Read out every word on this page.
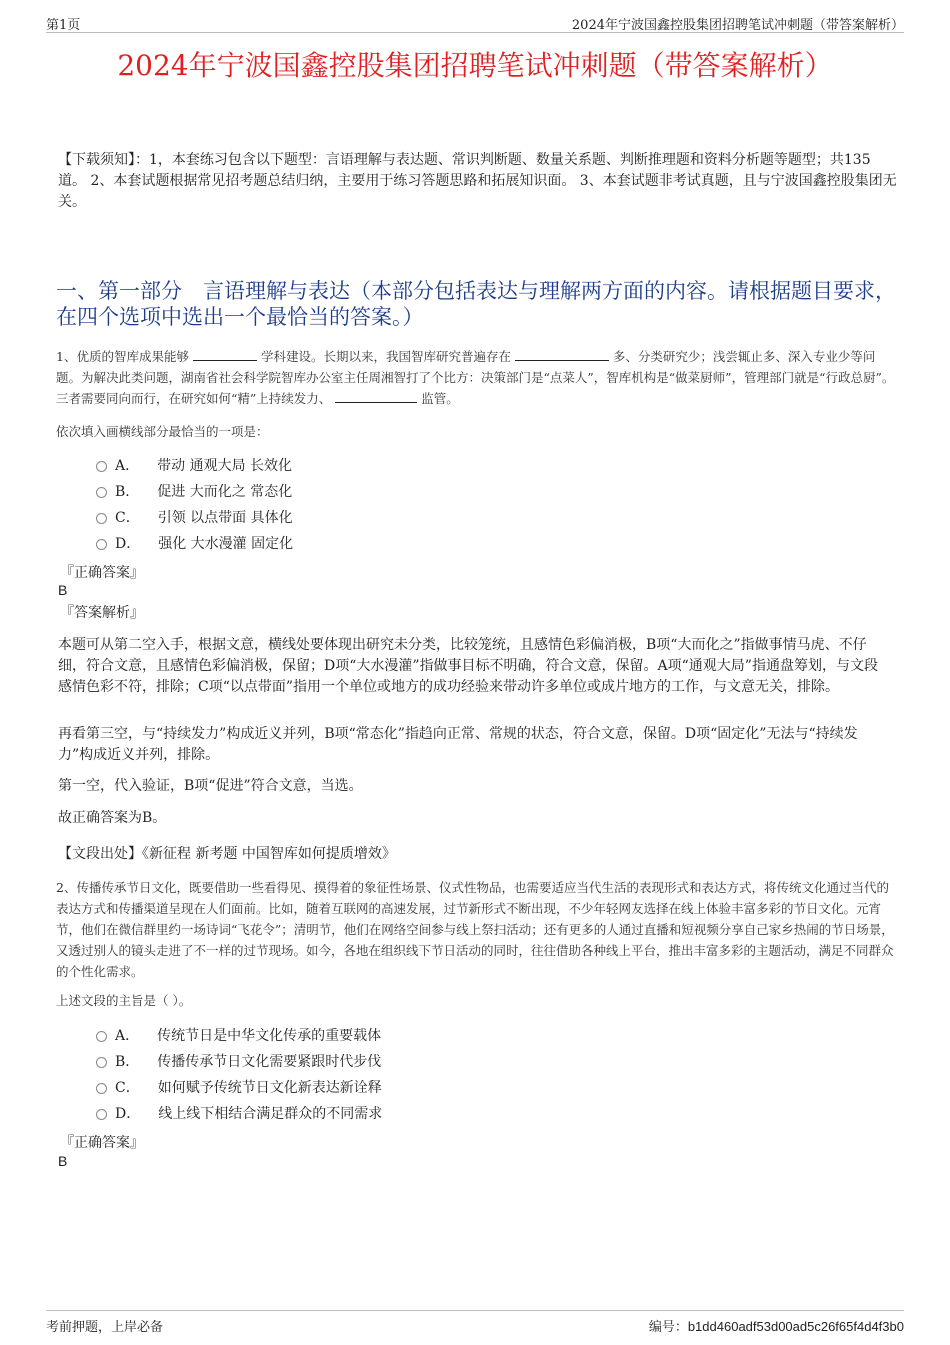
第1页	2024年宁波国鑫控股集团招聘笔试冲刺题（带答案解析）
2024年宁波国鑫控股集团招聘笔试冲刺题（带答案解析）
【下载须知】：1，本套练习包含以下题型：言语理解与表达题、常识判断题、数量关系题、判断推理题和资料分析题等题型；共135道。 2、本套试题根据常见招考题总结归纳，主要用于练习答题思路和拓展知识面。 3、本套试题非考试真题，且与宁波国鑫控股集团无关。
一、第一部分　言语理解与表达（本部分包括表达与理解两方面的内容。请根据题目要求，在四个选项中选出一个最恰当的答案。）
1、优质的智库成果能够	学科建设。长期以来，我国智库研究普遍存在	多、分类研究少；浅尝辄止多、深入专业少等问题。为解决此类问题，湖南省社会科学院智库办公室主任周湘智打了个比方：决策部门是“点菜人”，智库机构是“做菜厨师”，管理部门就是“行政总厨”。三者需要同向而行，在研究如何“精”上持续发力、	监管。
依次填入画横线部分最恰当的一项是：
A． 带动 通观大局 长效化
B． 促进 大而化之 常态化
C． 引领 以点带面 具体化
D． 强化 大水漫灌 固定化
『正确答案』
B
『答案解析』
本题可从第二空入手，根据文意，横线处要体现出研究未分类，比较笼统，且感情色彩偏消极，B项“大而化之”指做事情马虎、不仔细，符合文意，且感情色彩偏消极，保留；D项“大水漫灌”指做事目标不明确，符合文意，保留。A项“通观大局”指通盘筹划，与文段感情色彩不符，排除；C项“以点带面”指用一个单位或地方的成功经验来带动许多单位或成片地方的工作，与文意无关，排除。
再看第三空，与“持续发力”构成近义并列，B项“常态化”指趋向正常、常规的状态，符合文意，保留。D项“固定化”无法与“持续发力”构成近义并列，排除。
第一空，代入验证，B项“促进”符合文意，当选。
故正确答案为B。
【文段出处】《新征程 新考题 中国智库如何提质增效》
2、传播传承节日文化，既要借助一些看得见、摸得着的象征性场景、仪式性物品，也需要适应当代生活的表现形式和表达方式，将传统文化通过当代的表达方式和传播渠道呈现在人们面前。比如，随着互联网的高速发展，过节新形式不断出现，不少年轻网友选择在线上体验丰富多彩的节日文化。元宵节，他们在微信群里约一场诗词“飞花令”；清明节，他们在网络空间参与线上祭扫活动；还有更多的人通过直播和短视频分享自己家乡热闹的节日场景，又透过别人的镜头走进了不一样的过节现场。如今，各地在组织线下节日活动的同时，往往借助各种线上平台，推出丰富多彩的主题活动，满足不同群众的个性化需求。
上述文段的主旨是（ ）。
A． 传统节日是中华文化传承的重要载体
B． 传播传承节日文化需要紧跟时代步伐
C． 如何赋予传统节日文化新表达新诠释
D． 线上线下相结合满足群众的不同需求
『正确答案』
B
考前押题，上岸必备	编号：b1dd460adf53d00ad5c26f65f4d4f3b0
